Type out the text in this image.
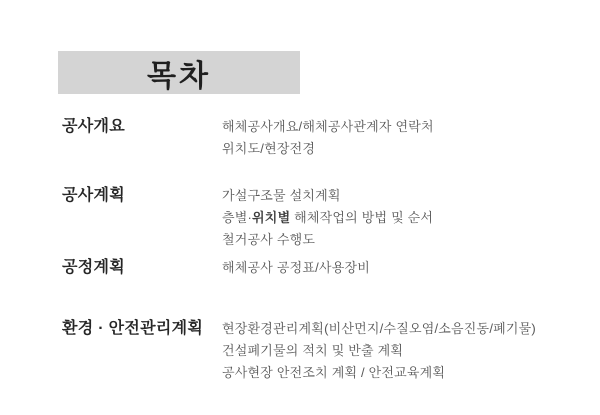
목차
공사개요	해체공사개요/해체공사관계자 연락처
위치도/현장전경
공사계획	가설구조물 설치계획
층별·위치별 해체작업의 방법 및 순서
철거공사 수행도
공정계획	해체공사 공정표/사용장비
환경 · 안전관리계획	현장환경관리계획(비산먼지/수질오염/소음진동/폐기물)
건설폐기물의 적치 및 반출 계획
공사현장 안전조치 계획 / 안전교육계획
